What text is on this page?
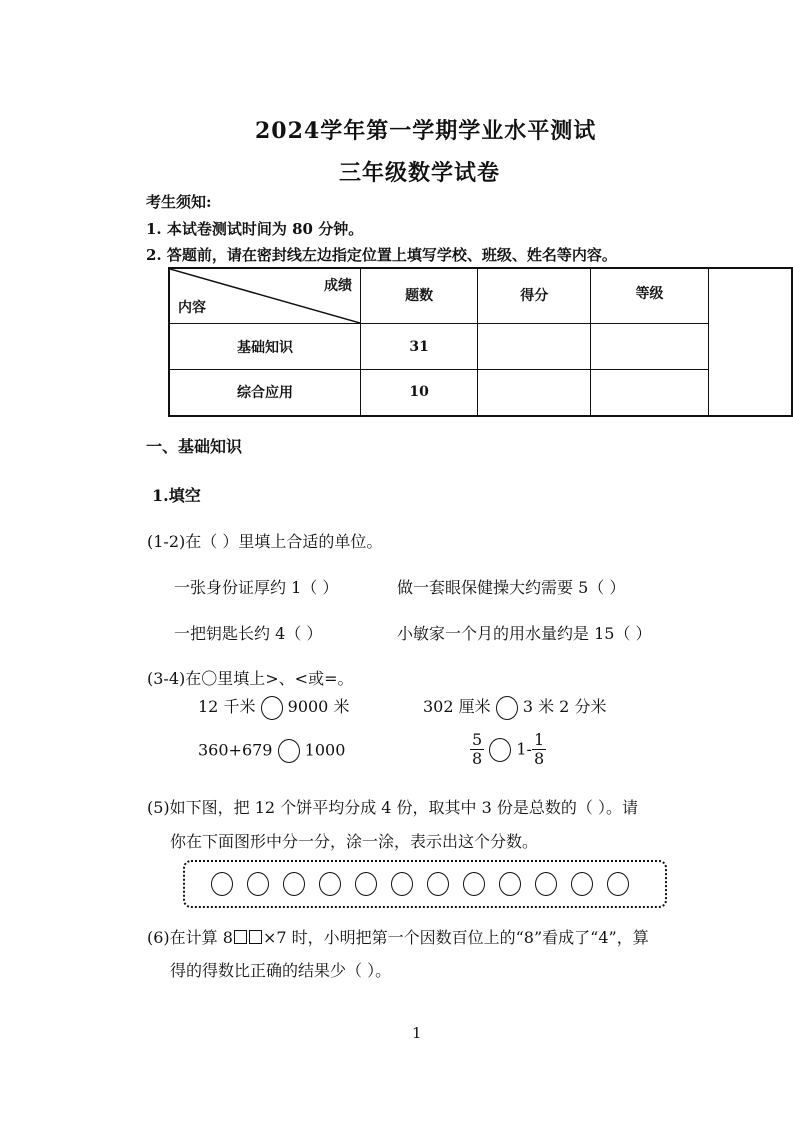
2024学年第一学期学业水平测试
三年级数学试卷
考生须知:
1. 本试卷测试时间为 80 分钟。
2. 答题前，请在密封线左边指定位置上填写学校、班级、姓名等内容。
成绩
内容	题数	得分	等级	
基础知识	31			
综合应用	10			
一、基础知识
1.填空
(1-2)在（ ）里填上合适的单位。
一张身份证厚约 1（ ）	做一套眼保健操大约需要 5（ ）
一把钥匙长约 4（ ）	小敏家一个月的用水量约是 15（ ）
(3-4)在〇里填上>、<或=。
12 千米 9000 米	302 厘米 3 米 2 分米
360+679 1000	$\frac{5}{8} 1- \frac{1}{8}$
(5)如下图，把 12 个饼平均分成 4 份，取其中 3 份是总数的（ ）。请
你在下面图形中分一分，涂一涂，表示出这个分数。
(6)在计算 8 ×7 时，小明把第一个因数百位上的“8”看成了“4”，算
得的得数比正确的结果少（ ）。
1
